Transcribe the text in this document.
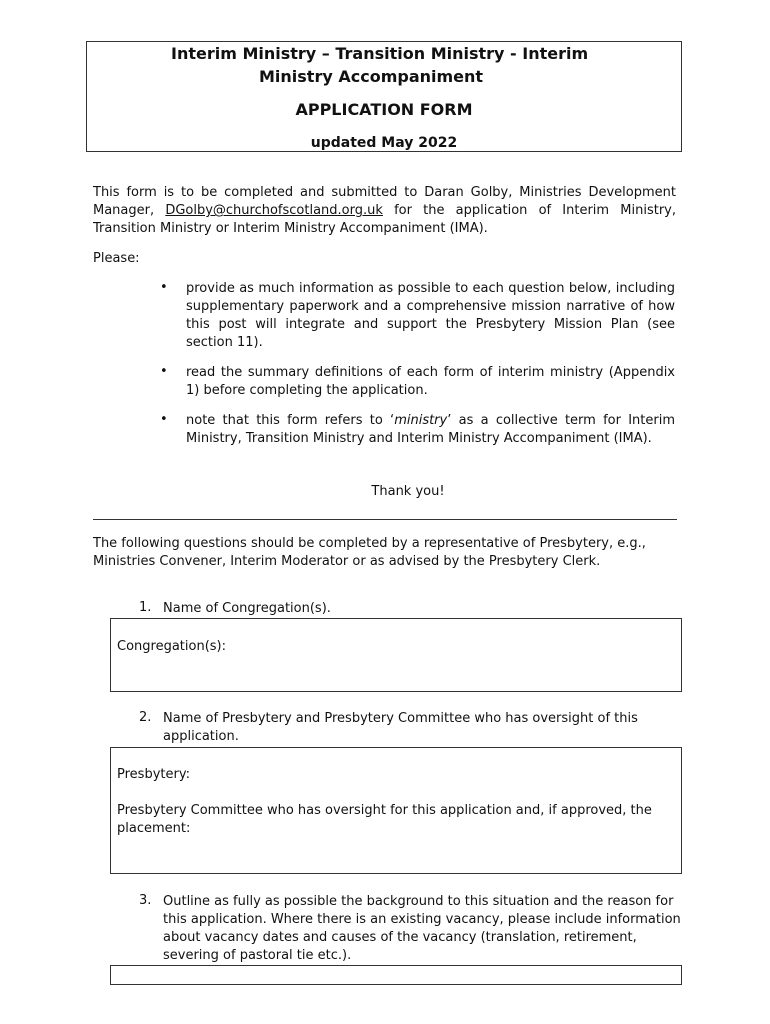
Interim Ministry – Transition Ministry - Interim
Ministry Accompaniment
APPLICATION FORM
updated May 2022
This form is to be completed and submitted to Daran Golby, Ministries Development Manager, DGolby@churchofscotland.org.uk for the application of Interim Ministry, Transition Ministry or Interim Ministry Accompaniment (IMA).
Please:
• provide as much information as possible to each question below, including supplementary paperwork and a comprehensive mission narrative of how this post will integrate and support the Presbytery Mission Plan (see section 11).
• read the summary definitions of each form of interim ministry (Appendix 1) before completing the application.
• note that this form refers to ‘ministry’ as a collective term for Interim Ministry, Transition Ministry and Interim Ministry Accompaniment (IMA).
Thank you!
The following questions should be completed by a representative of Presbytery, e.g., Ministries Convener, Interim Moderator or as advised by the Presbytery Clerk.
1. Name of Congregation(s).
Congregation(s):
2. Name of Presbytery and Presbytery Committee who has oversight of this application.
Presbytery:
Presbytery Committee who has oversight for this application and, if approved, the placement:
3. Outline as fully as possible the background to this situation and the reason for this application. Where there is an existing vacancy, please include information about vacancy dates and causes of the vacancy (translation, retirement, severing of pastoral tie etc.).
